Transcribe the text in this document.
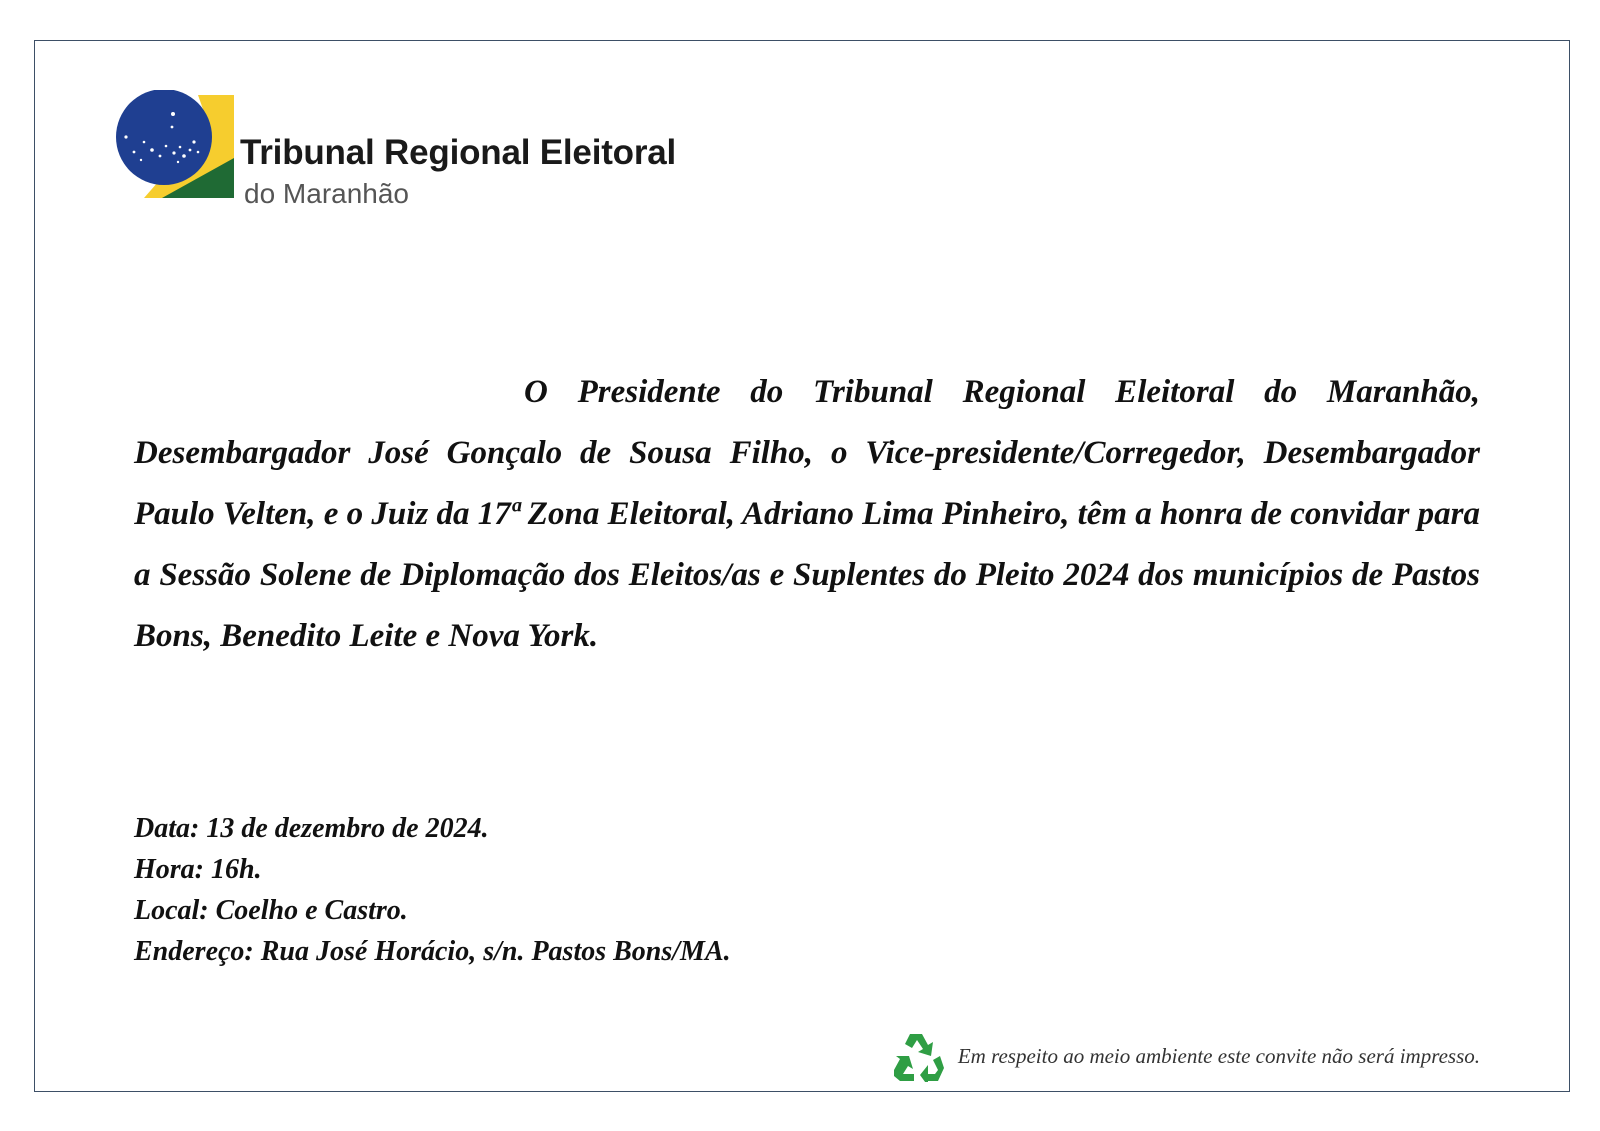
Tribunal Regional Eleitoral
do Maranhão

O Presidente do Tribunal Regional Eleitoral do Maranhão, Desembargador José Gonçalo de Sousa Filho, o Vice-presidente/Corregedor, Desembargador Paulo Velten, e o Juiz da 17ª Zona Eleitoral, Adriano Lima Pinheiro, têm a honra de convidar para a Sessão Solene de Diplomação dos Eleitos/as e Suplentes do Pleito 2024 dos municípios de Pastos Bons, Benedito Leite e Nova York.

Data: 13 de dezembro de 2024.
Hora: 16h.
Local: Coelho e Castro.
Endereço: Rua José Horácio, s/n. Pastos Bons/MA.
Em respeito ao meio ambiente este convite não será impresso.
